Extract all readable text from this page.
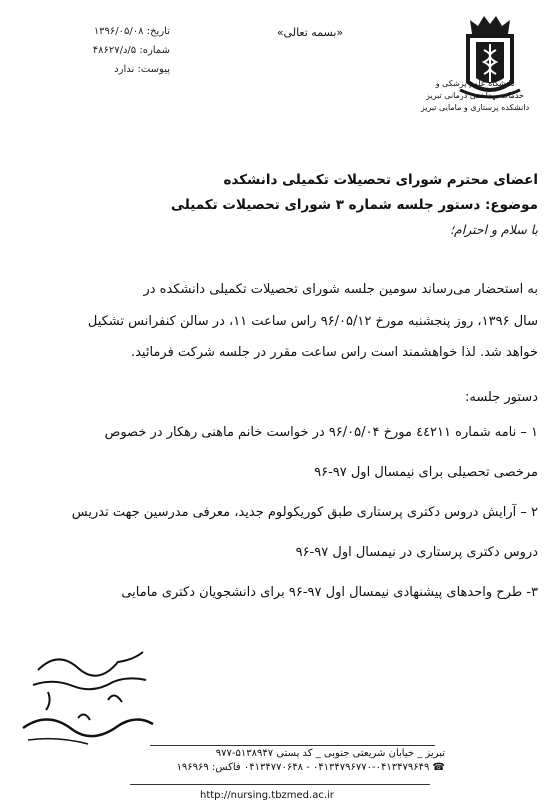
«بسمه تعالی»
تاریخ: ۱۳۹۶/۰۵/۰۸
شماره: ۵/د/۴۸۶۲۷
پیوست: ندارد
دانشگاه علوم پزشکی و
خدمات بهداشتی درمانی تبریز
دانشکده پرستاری و مامایی تبریز
اعضای محترم شورای تحصیلات تکمیلی دانشکده
موضوع: دستور جلسه شماره ۳ شورای تحصیلات تکمیلی
با سلام و احترام؛
به استحضار می‌رساند سومین جلسه شورای تحصیلات تکمیلی دانشکده در
سال ۱۳۹۶، روز پنجشنبه مورخ ۹۶/۰۵/۱۲ راس ساعت ۱۱، در سالن کنفرانس تشکیل
خواهد شد. لذا خواهشمند است راس ساعت مقرر در جلسه شرکت فرمائید.
دستور جلسه:
۱ – نامه شماره ٤٤٢١١ مورخ ۹۶/۰۵/۰۴ در خواست خانم ماهنی رهکار در خصوص
مرخصی تحصیلی برای نیمسال اول ۹۷-۹۶
۲ – آرایش دروس دکتری پرستاری طبق کوریکولوم جدید، معرفی مدرسین جهت تدریس
دروس دکتری پرستاری در نیمسال اول ۹۷-۹۶
۳- طرح واحدهای پیشنهادی نیمسال اول ۹۷-۹۶ برای دانشجویان دکتری مامایی
تبریز _ خیابان شریعتی جنوبی _ کد پستی ۵۱۳۸۹۴۷-۹۷۷
☎ ۰۴۱۳۴۷۹۶۷۷۰-۰۴۱۳۴۷۹۶۴۹ - ۰۴۱۳۴۷۷۰۶۴۸ فاکس: ۱۹۶۹۶۹
http://nursing.tbzmed.ac.ir
